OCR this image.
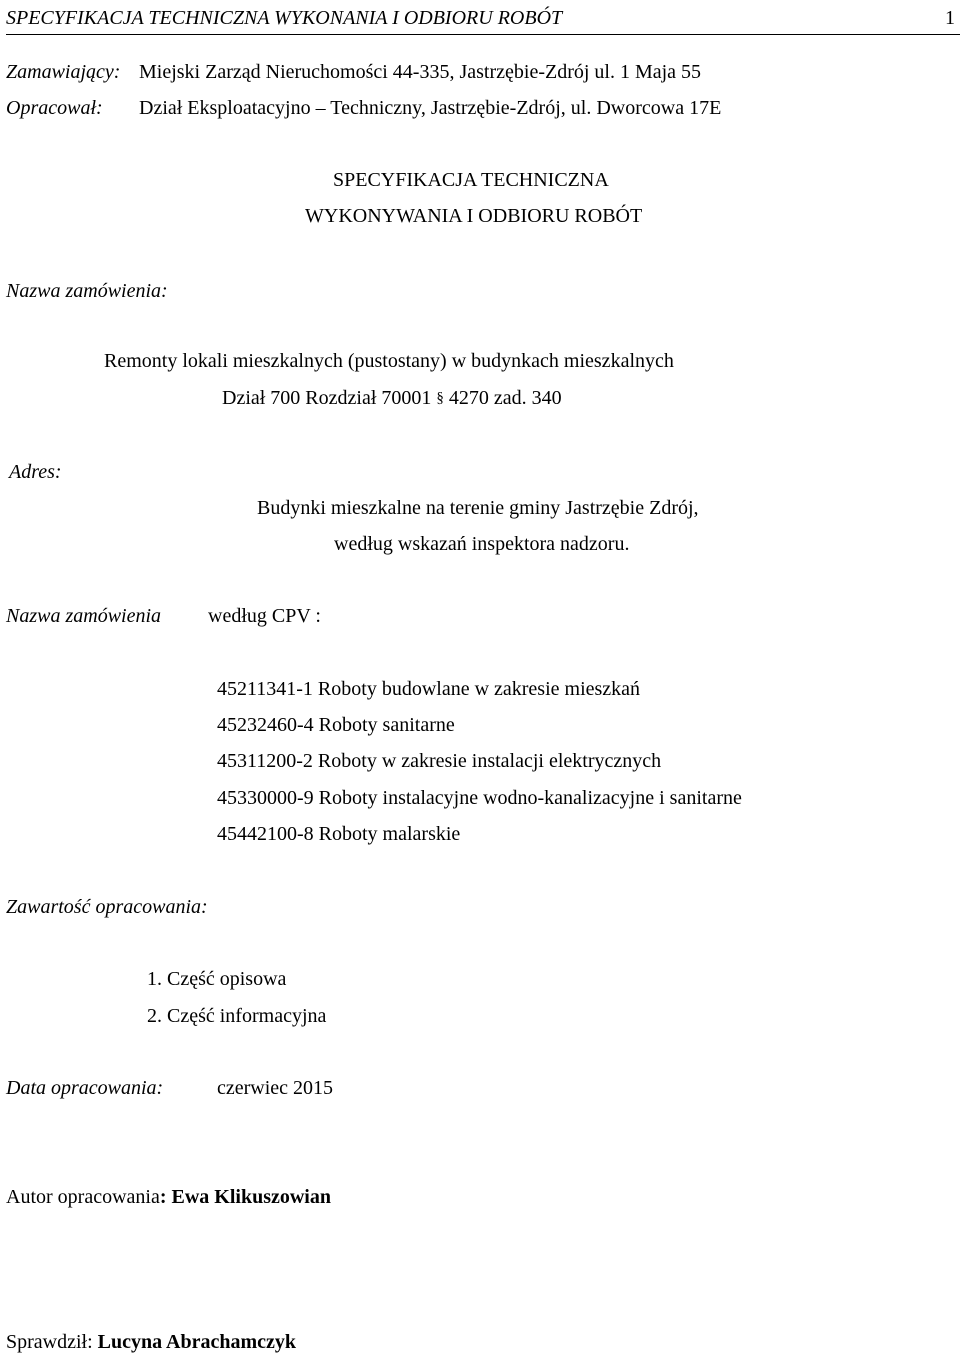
SPECYFIKACJA TECHNICZNA WYKONANIA I ODBIORU ROBÓT	1
Zamawiający: Miejski Zarząd Nieruchomości 44-335, Jastrzębie-Zdrój ul. 1 Maja 55
Opracował: Dział Eksploatacyjno – Techniczny, Jastrzębie-Zdrój, ul. Dworcowa 17E
SPECYFIKACJA TECHNICZNA
WYKONYWANIA I ODBIORU ROBÓT
Nazwa zamówienia:
Remonty lokali mieszkalnych (pustostany) w budynkach mieszkalnych
Dział 700 Rozdział 70001 § 4270 zad. 340
Adres:
Budynki mieszkalne na terenie gminy Jastrzębie Zdrój,
według wskazań inspektora nadzoru.
Nazwa zamówienia według CPV :
45211341-1 Roboty budowlane w zakresie mieszkań
45232460-4 Roboty sanitarne
45311200-2 Roboty w zakresie instalacji elektrycznych
45330000-9 Roboty instalacyjne wodno-kanalizacyjne i sanitarne
45442100-8 Roboty malarskie
Zawartość opracowania:
1. Część opisowa
2. Część informacyjna
Data opracowania:	czerwiec 2015
Autor opracowania: Ewa Klikuszowian
Sprawdził: Lucyna Abrachamczyk
